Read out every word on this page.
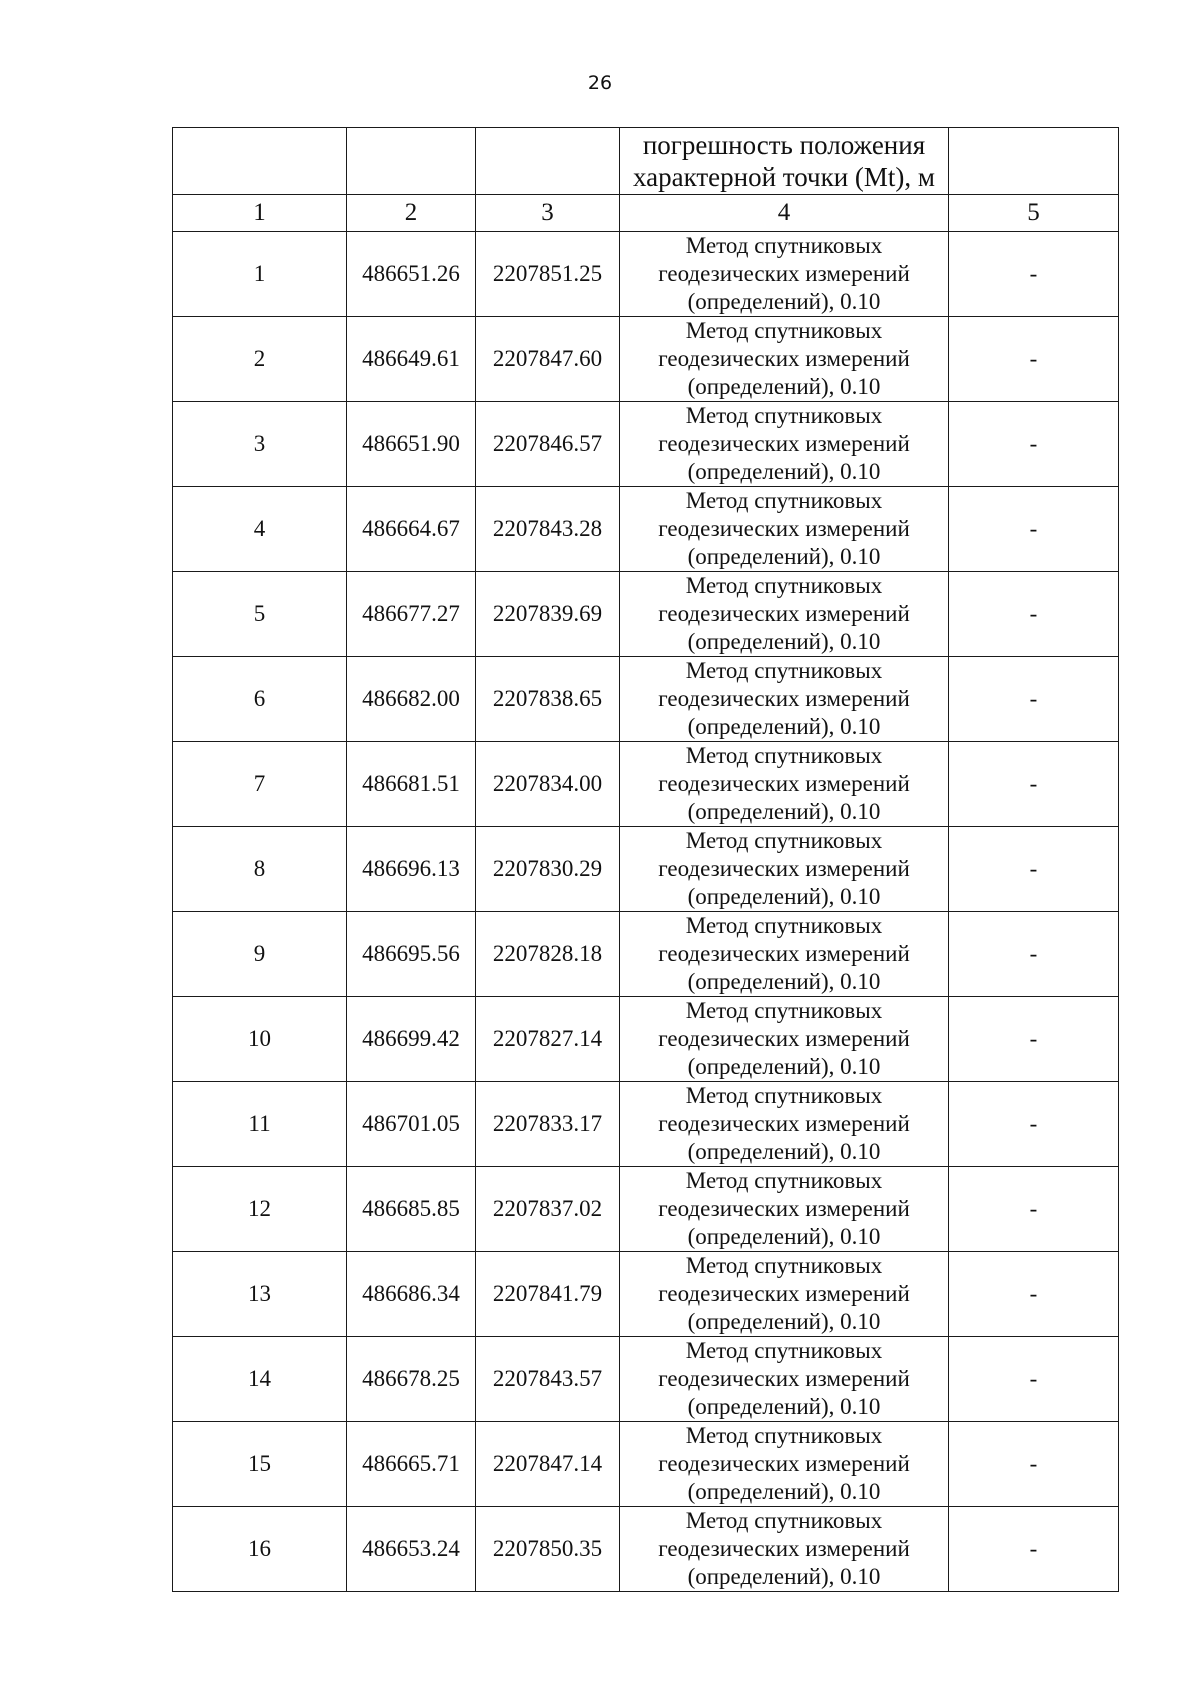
26

			погрешность положения
характерной точки (Mt), м	

1	2	3	4	5
1	486651.26	2207851.25	Метод спутниковых
геодезических измерений
(определений), 0.10	-
2	486649.61	2207847.60	Метод спутниковых
геодезических измерений
(определений), 0.10	-
3	486651.90	2207846.57	Метод спутниковых
геодезических измерений
(определений), 0.10	-
4	486664.67	2207843.28	Метод спутниковых
геодезических измерений
(определений), 0.10	-
5	486677.27	2207839.69	Метод спутниковых
геодезических измерений
(определений), 0.10	-
6	486682.00	2207838.65	Метод спутниковых
геодезических измерений
(определений), 0.10	-
7	486681.51	2207834.00	Метод спутниковых
геодезических измерений
(определений), 0.10	-
8	486696.13	2207830.29	Метод спутниковых
геодезических измерений
(определений), 0.10	-
9	486695.56	2207828.18	Метод спутниковых
геодезических измерений
(определений), 0.10	-
10	486699.42	2207827.14	Метод спутниковых
геодезических измерений
(определений), 0.10	-
11	486701.05	2207833.17	Метод спутниковых
геодезических измерений
(определений), 0.10	-
12	486685.85	2207837.02	Метод спутниковых
геодезических измерений
(определений), 0.10	-
13	486686.34	2207841.79	Метод спутниковых
геодезических измерений
(определений), 0.10	-
14	486678.25	2207843.57	Метод спутниковых
геодезических измерений
(определений), 0.10	-
15	486665.71	2207847.14	Метод спутниковых
геодезических измерений
(определений), 0.10	-
16	486653.24	2207850.35	Метод спутниковых
геодезических измерений
(определений), 0.10	-
